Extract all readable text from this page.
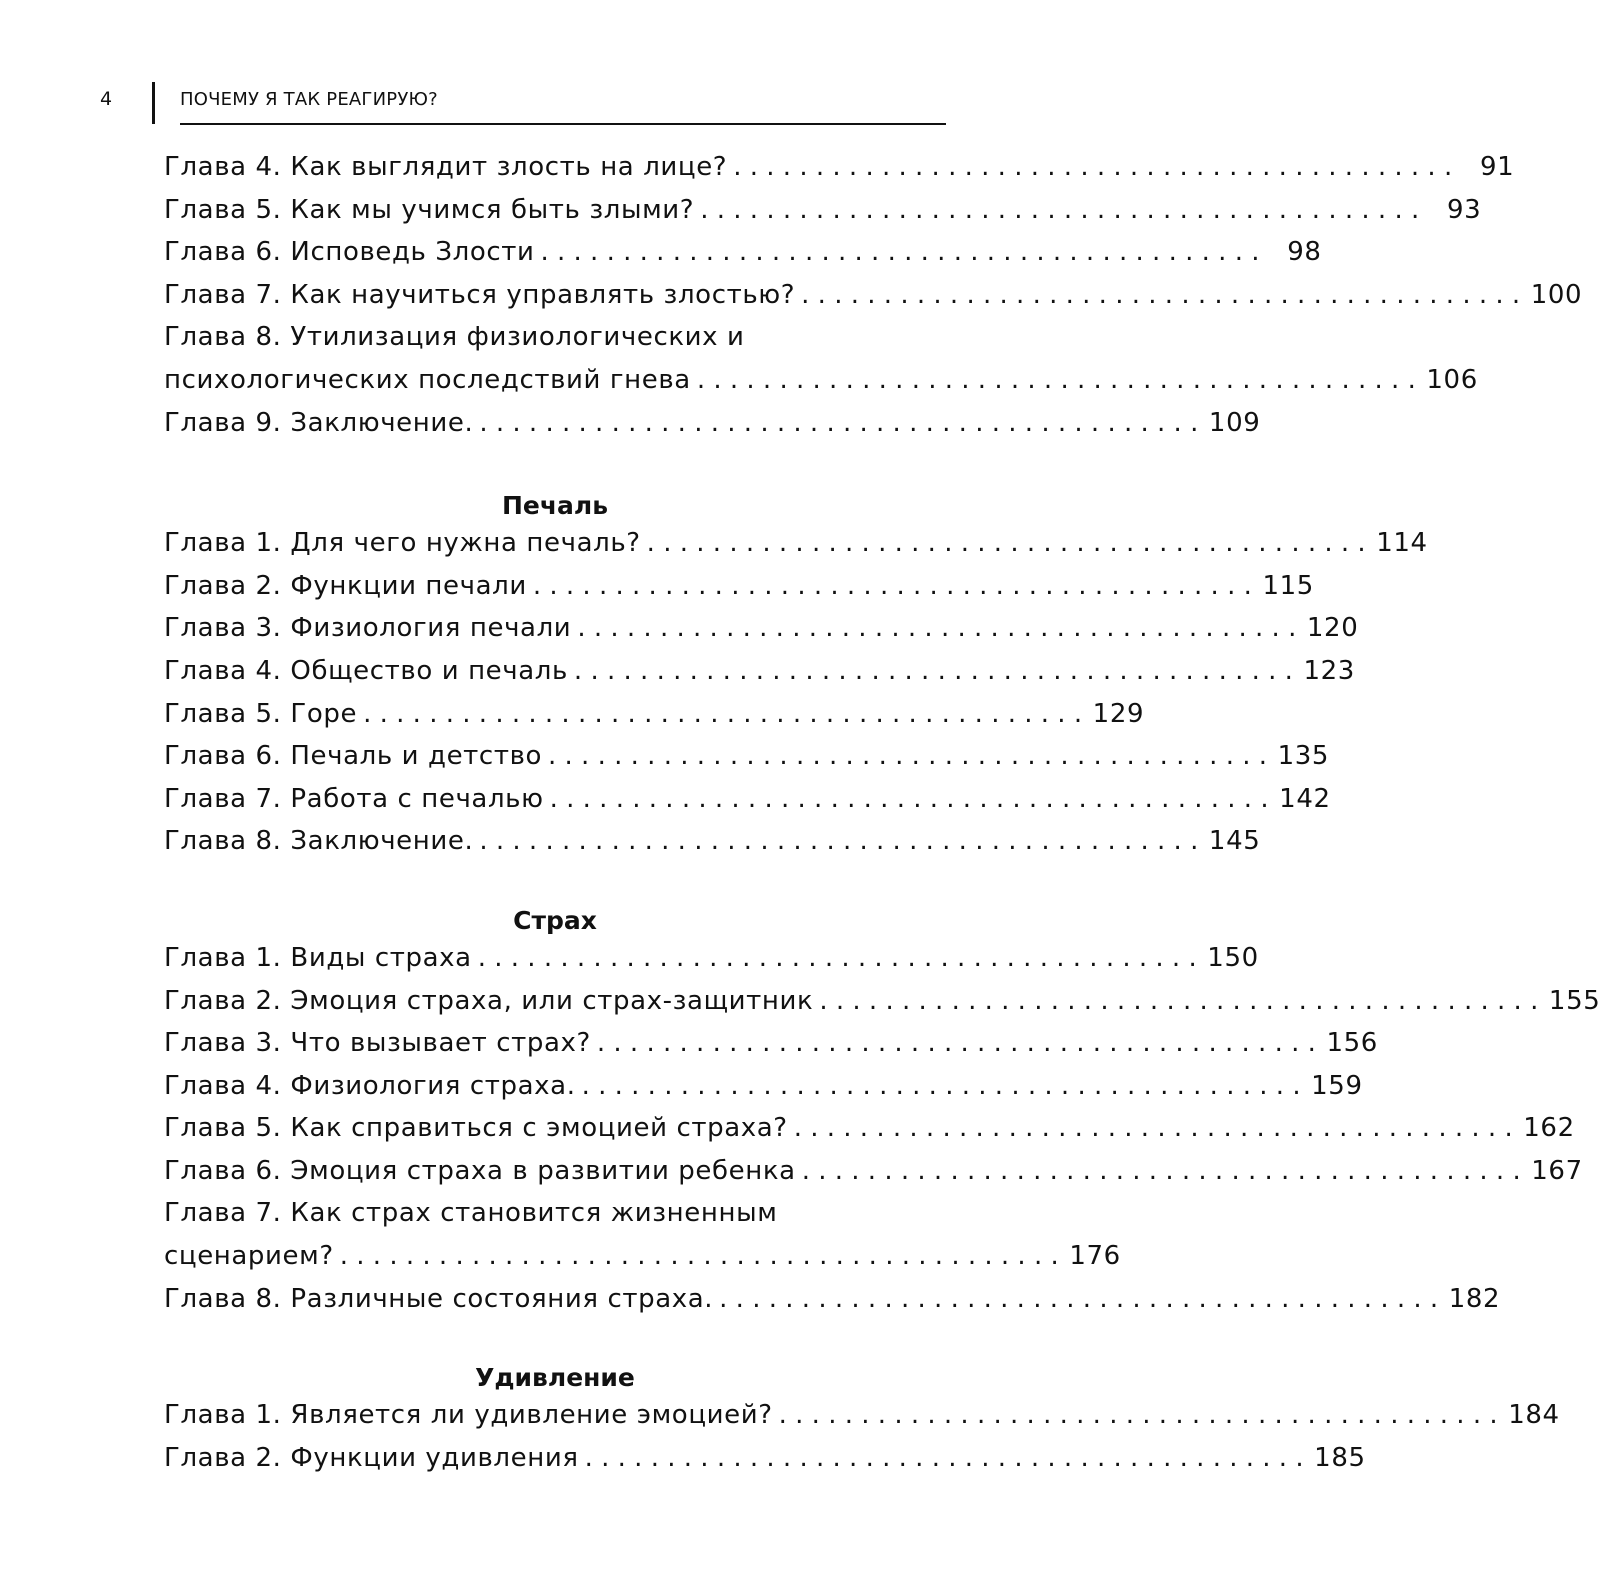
4	ПОЧЕМУ Я ТАК РЕАГИРУЮ?
Глава 4. Как выглядит злость на лице? . . . . . . . . . . . . . . . . . . . . . . . . . . . . . . . . . . . . . . . . . . . .	91
Глава 5. Как мы учимся быть злыми? . . . . . . . . . . . . . . . . . . . . . . . . . . . . . . . . . . . . . . . . . . . .	93
Глава 6. Исповедь Злости . . . . . . . . . . . . . . . . . . . . . . . . . . . . . . . . . . . . . . . . . . . .	98
Глава 7. Как научиться управлять злостью? . . . . . . . . . . . . . . . . . . . . . . . . . . . . . . . . . . . . . . . . . . . . 100
Глава 8. Утилизация физиологических и
психологических последствий гнева . . . . . . . . . . . . . . . . . . . . . . . . . . . . . . . . . . . . . . . . . . . . 106
Глава 9. Заключение. . . . . . . . . . . . . . . . . . . . . . . . . . . . . . . . . . . . . . . . . . . . . 109
Печаль
Глава 1. Для чего нужна печаль? . . . . . . . . . . . . . . . . . . . . . . . . . . . . . . . . . . . . . . . . . . . . 114
Глава 2. Функции печали . . . . . . . . . . . . . . . . . . . . . . . . . . . . . . . . . . . . . . . . . . . . 115
Глава 3. Физиология печали . . . . . . . . . . . . . . . . . . . . . . . . . . . . . . . . . . . . . . . . . . . . 120
Глава 4. Общество и печаль . . . . . . . . . . . . . . . . . . . . . . . . . . . . . . . . . . . . . . . . . . . . 123
Глава 5. Горе . . . . . . . . . . . . . . . . . . . . . . . . . . . . . . . . . . . . . . . . . . . . 129
Глава 6. Печаль и детство . . . . . . . . . . . . . . . . . . . . . . . . . . . . . . . . . . . . . . . . . . . . 135
Глава 7. Работа с печалью . . . . . . . . . . . . . . . . . . . . . . . . . . . . . . . . . . . . . . . . . . . . 142
Глава 8. Заключение. . . . . . . . . . . . . . . . . . . . . . . . . . . . . . . . . . . . . . . . . . . . . 145
Страх
Глава 1. Виды страха . . . . . . . . . . . . . . . . . . . . . . . . . . . . . . . . . . . . . . . . . . . . 150
Глава 2. Эмоция страха, или страх-защитник . . . . . . . . . . . . . . . . . . . . . . . . . . . . . . . . . . . . . . . . . . . . 155
Глава 3. Что вызывает страх? . . . . . . . . . . . . . . . . . . . . . . . . . . . . . . . . . . . . . . . . . . . . 156
Глава 4. Физиология страха. . . . . . . . . . . . . . . . . . . . . . . . . . . . . . . . . . . . . . . . . . . . . 159
Глава 5. Как справиться с эмоцией страха? . . . . . . . . . . . . . . . . . . . . . . . . . . . . . . . . . . . . . . . . . . . . 162
Глава 6. Эмоция страха в развитии ребенка . . . . . . . . . . . . . . . . . . . . . . . . . . . . . . . . . . . . . . . . . . . . 167
Глава 7. Как страх становится жизненным
сценарием? . . . . . . . . . . . . . . . . . . . . . . . . . . . . . . . . . . . . . . . . . . . . 176
Глава 8. Различные состояния страха. . . . . . . . . . . . . . . . . . . . . . . . . . . . . . . . . . . . . . . . . . . . . 182
Удивление
Глава 1. Является ли удивление эмоцией? . . . . . . . . . . . . . . . . . . . . . . . . . . . . . . . . . . . . . . . . . . . . 184
Глава 2. Функции удивления . . . . . . . . . . . . . . . . . . . . . . . . . . . . . . . . . . . . . . . . . . . . 185
